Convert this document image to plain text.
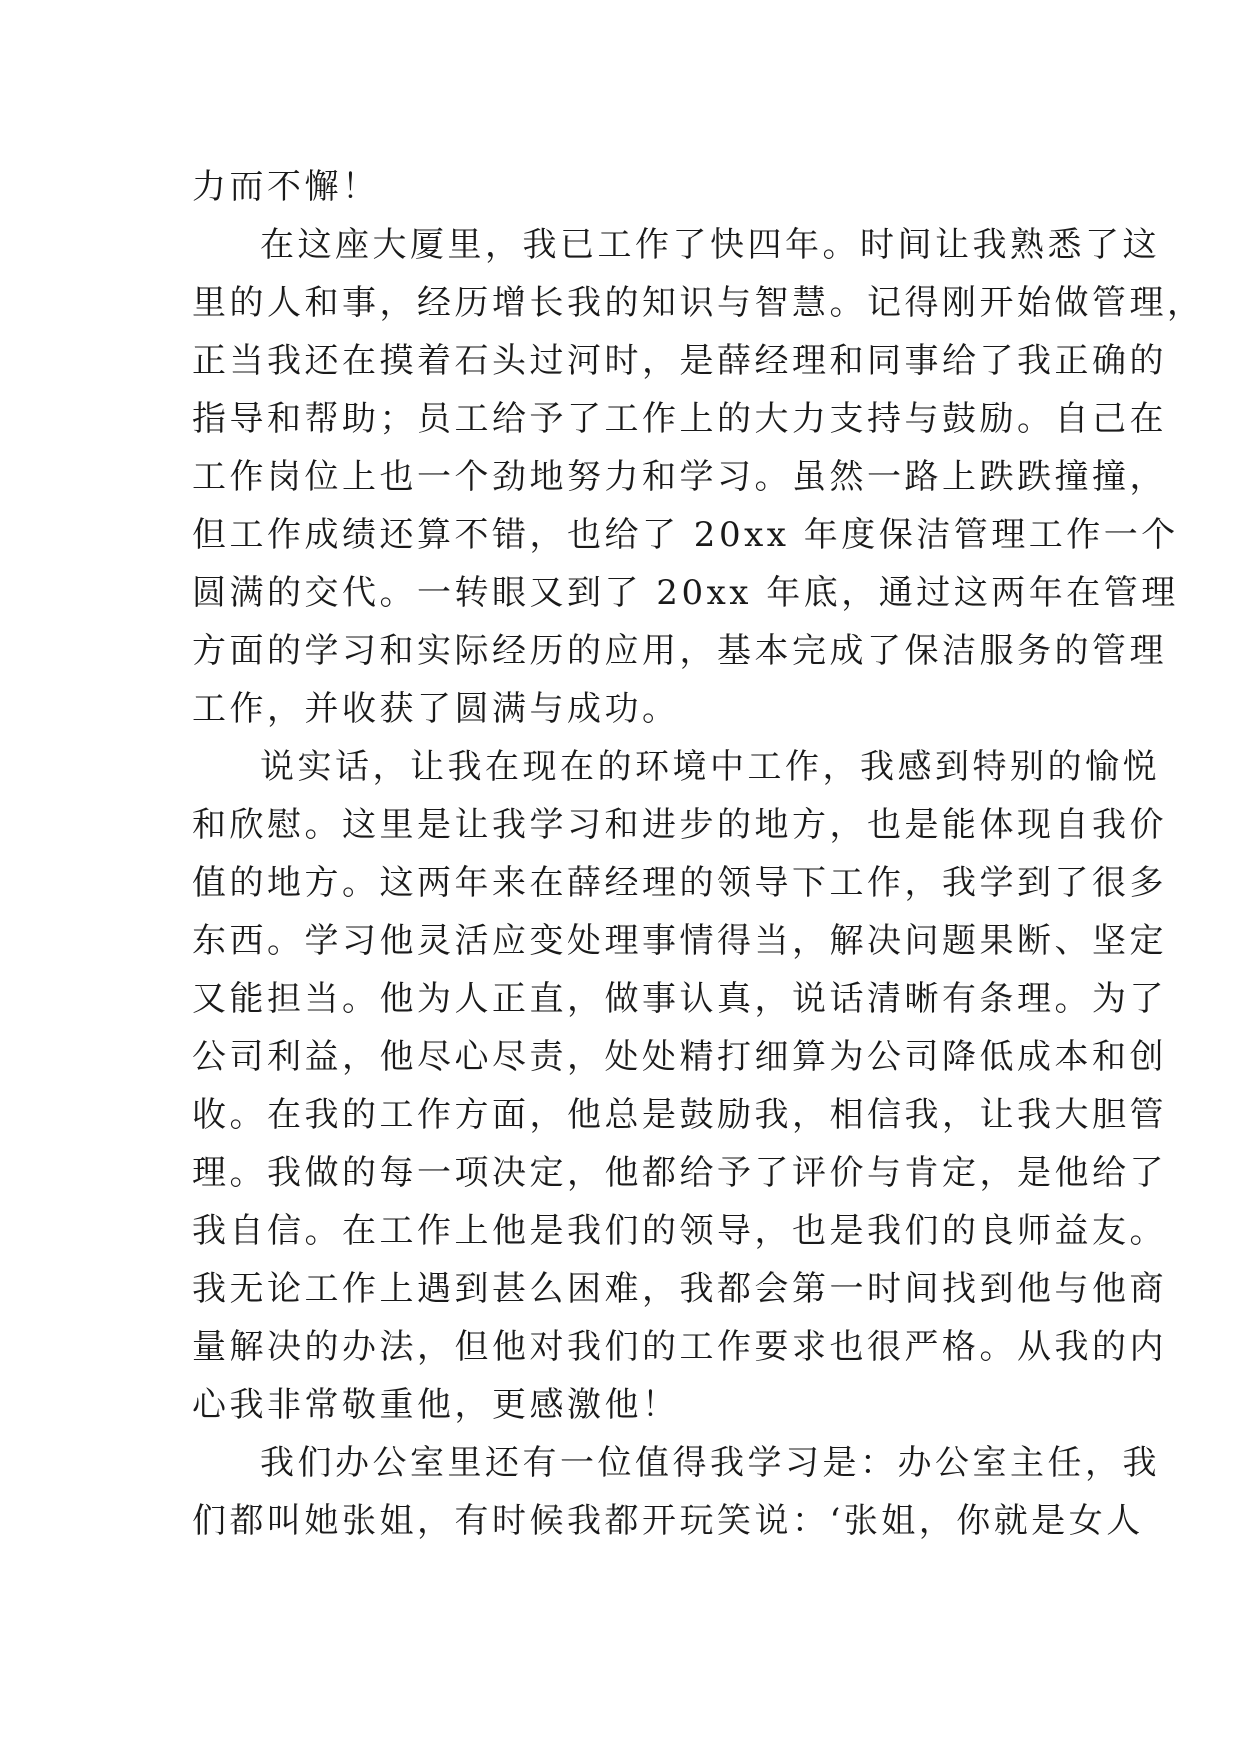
力而不懈！
在这座大厦里，我已工作了快四年。时间让我熟悉了这
里的人和事，经历增长我的知识与智慧。记得刚开始做管理，
正当我还在摸着石头过河时，是薛经理和同事给了我正确的
指导和帮助；员工给予了工作上的大力支持与鼓励。自己在
工作岗位上也一个劲地努力和学习。虽然一路上跌跌撞撞，
但工作成绩还算不错，也给了 20xx 年度保洁管理工作一个
圆满的交代。一转眼又到了 20xx 年底，通过这两年在管理
方面的学习和实际经历的应用，基本完成了保洁服务的管理
工作，并收获了圆满与成功。
说实话，让我在现在的环境中工作，我感到特别的愉悦
和欣慰。这里是让我学习和进步的地方，也是能体现自我价
值的地方。这两年来在薛经理的领导下工作，我学到了很多
东西。学习他灵活应变处理事情得当，解决问题果断、坚定
又能担当。他为人正直，做事认真，说话清晰有条理。为了
公司利益，他尽心尽责，处处精打细算为公司降低成本和创
收。在我的工作方面，他总是鼓励我，相信我，让我大胆管
理。我做的每一项决定，他都给予了评价与肯定，是他给了
我自信。在工作上他是我们的领导，也是我们的良师益友。
我无论工作上遇到甚么困难，我都会第一时间找到他与他商
量解决的办法，但他对我们的工作要求也很严格。从我的内
心我非常敬重他，更感激他！
我们办公室里还有一位值得我学习是：办公室主任，我
们都叫她张姐，有时候我都开玩笑说：‘张姐，你就是女人
